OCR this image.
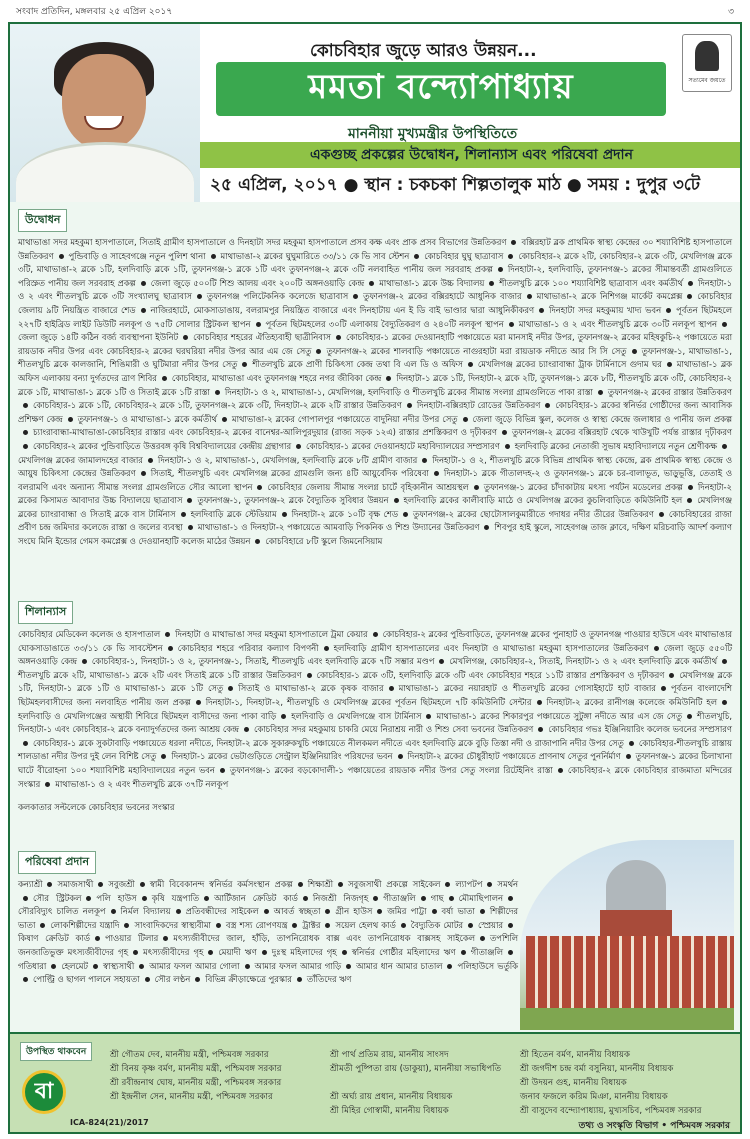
সংবাদ প্রতিদিন, মঙ্গলবার ২৫ এপ্রিল ২০১৭	৩
কোচবিহার জুড়ে আরও উন্নয়ন...
মমতা বন্দ্যোপাধ্যায়
মাননীয়া মুখ্যমন্ত্রীর উপস্থিতিতে
সত্যমেব জয়তে
একগুচ্ছ প্রকল্পের উদ্বোধন, শিলান্যাস এবং পরিষেবা প্রদান
২৫ এপ্রিল, ২০১৭ ● স্থান : চকচকা শিল্পতালুক মাঠ ● সময় : দুপুর ৩টে
উদ্বোধন
মাথাভাঙা সদর মহকুমা হাসপাতালে, সিতাই গ্রামীণ হাসপাতালে ও দিনহাটা সদর মহকুমা হাসপাতালে প্রসব কক্ষ এবং প্রাক প্রসব বিভাগের উন্নতিকরণ বক্সিরহাট ব্লক প্রাথমিক স্বাস্থ্য কেন্দ্রের ৩০ শয্যাবিশিষ্ট হাসপাতালে উন্নতিকরণ পুন্ডিবাড়ি ও সাহেবগঞ্জে নতুন পুলিশ থানা মাথাভাঙা-২ ব্লকের ঘুঘুমারিতে ৩৩/১১ কে ভি সাব স্টেশন কোচবিহার ঘুঘু ছাত্রাবাস কোচবিহার-২ ব্লকে ২টি, কোচবিহার-২ ব্লকে ৩টি, মেখলিগঞ্জ ব্লকে ৩টি, মাথাভাঙা-২ ব্লকে ১টি, হলদিবাড়ি ব্লকে ১টি, তুফানগঞ্জ-১ ব্লকে ১টি এবং তুফানগঞ্জ-২ ব্লকে ৩টি নলবাহিত পানীয় জল সরবরাহ প্রকল্প দিনহাটা-২, হলদিবাড়ি, তুফানগঞ্জ-১ ব্লকের সীমান্তবর্তী গ্রামগুলিতে পরিস্রুত পানীয় জল সরবরাহ প্রকল্প জেলা জুড়ে ৫০০টি শিশু আলয় এবং ২০০টি অঙ্গনওয়াড়ি কেন্দ্র মাথাভাঙা-১ ব্লকে উচ্চ বিদ্যালয় শীতলখুচি ব্লকে ১০০ শয্যাবিশিষ্ট ছাত্রাবাস এবং কর্মতীর্থ দিনহাটা-১ ও ২ এবং শীতলখুচি ব্লকে ৩টি সংখ্যালঘু ছাত্রাবাস তুফানগঞ্জ পলিটেকনিক কলেজে ছাত্রাবাস তুফানগঞ্জ-২ ব্লকের বক্সিরহাটে আধুনিক বাজার মাথাভাঙা-২ ব্লকে নিশিগঞ্জ মার্কেট কমপ্লেক্স কোচবিহার জেলায় ৯টি নিয়ন্ত্রিত বাজারে শেড নাজিরহাটে, মোকসাডাঙায়, বলরামপুর নিয়ন্ত্রিত বাজারে এবং দিনহাটায় এন ই ডি বাই ভাণ্ডার দ্বারা আধুনিকীকরণ দিনহাটা সদর মহকুমায় খাদ্য ভবন পূর্বতন ছিটমহলে ২২৭টি হাইব্রিড লাইট ডিউটি নলকূপ ও ৭৫টি সোলার স্ট্রিটকল স্থাপন পূর্বতন ছিটমহলের ৩০টি এলাকায় বৈদ্যুতিকরণ ও ২৪০টি নলকূপ স্থাপন মাথাভাঙা-১ ও ২ এবং শীতলখুচি ব্লকে ৩০টি নলকূপ স্থাপনজেলা জুড়ে ১৪টি কঠিন বর্জ্য ব্যবস্থাপনা ইউনিট কোচবিহার শহরের ঐতিহ্যবাহী ছাত্রীনিবাস কোচবিহার-১ ব্লকের দেওয়ানহাটি পঞ্চায়েতে মরা মানসাই নদীর উপর, তুফানগঞ্জ-২ ব্লকের মহিষকুচি-২ পঞ্চায়েতে মরা রায়ডাক নদীর উপর এবং কোচবিহার-২ ব্লকের ঘরঘরিয়া নদীর উপর আর এম জে সেতু তুফানগঞ্জ-২ ব্লকের শালবাড়ি পঞ্চায়েতে নাগুরহাটা মরা রায়ডাক নদীতে আর সি সি সেতু তুফানগঞ্জ-১, মাথাভাঙা-১, শীতলখুচি ব্লকে কালজানি, শিঙিমারী ও ঘুটিমারা নদীর উপর সেতু শীতলখুচি ব্লকে প্রাণী চিকিৎসা কেন্দ্র তথা বি এল ডি ও অফিস মেখলিগঞ্জ ব্লকের চ্যাংরাবান্ধা ট্রাক টার্মিনাসে গুদাম ঘর মাথাভাঙা-১ ব্লক অফিস এলাকায় বন্যা দুর্গতদের ত্রাণ শিবির কোচবিহার, মাথাভাঙা এবং তুফানগঞ্জ শহরে নগর জীবিকা কেন্দ্র দিনহাটা-১ ব্লকে ১টি, দিনহাটা-২ ব্লকে ২টি, তুফানগঞ্জ-১ ব্লকে ৮টি, শীতলখুচি ব্লকে ৩টি, কোচবিহার-২ ব্লকে ১টি, মাথাভাঙা-১ ব্লকে ১টি ও সিতাই ব্লকে ১টি রাস্তা দিনহাটা-১ ও ২, মাথাভাঙা-১, মেখলিগঞ্জ, হলদিবাড়ি ও শীতলখুচি ব্লকের সীমান্ত সংলগ্ন গ্রামগুলিতে পাকা রাস্তা তুফানগঞ্জ-২ ব্লকের রাস্তার উন্নতিকরণকোচবিহার-১ ব্লকে ১টি, কোচবিহার-২ ব্লকে ১টি, তুফানগঞ্জ-২ ব্লকে ৩টি, দিনহাটা-২ ব্লকে ২টি রাস্তার উন্নতিকরণ দিনহাটা-বক্সিরহাট রোডের উন্নতিকরণ কোচবিহার-১ ব্লকের স্বনির্ভর গোষ্ঠীদের জন্য আবাসিক প্রশিক্ষণ কেন্দ্র তুফানগঞ্জ-১ ও মাথাভাঙা-১ ব্লকে কর্মতীর্থ মাথাভাঙা-২ ব্লকের গোপালপুর পঞ্চায়েতে বাদুনিয়া নদীর উপর সেতু জেলা জুড়ে বিভিন্ন স্কুল, কলেজ ও স্বাস্থ্য কেন্দ্রে জলাধার ও পানীয় জল প্রকল্পচ্যাংরাবান্ধা-মাথাভাঙা-কোচবিহার রাস্তার এবং কোচবিহার-২ ব্লকের বানেশ্বর-আলিপুরদুয়ার (রাজ্য সড়ক ১২এ) রাস্তার প্রশস্তিকরণ ও দৃঢ়ীকরণ তুফানগঞ্জ-২ ব্লকের বক্সিরহাট থেকে খাউখুটি পর্যন্ত রাস্তার দৃঢ়ীকরণকোচবিহার-২ ব্লকের পুন্ডিবাড়িতে উত্তরবঙ্গ কৃষি বিশ্ববিদ্যালয়ের কেন্দ্রীয় গ্রন্থাগার কোচবিহার-১ ব্লকের দেওয়ানহাটে মহাবিদ্যালয়ের সম্প্রসারণ হলদিবাড়ি ব্লকের নেতাজী সুভাষ মহাবিদ্যালয়ে নতুন শ্রেণীকক্ষমেখলিগঞ্জ ব্লকের জামালদহের বাজার দিনহাটা-১ ও ২, মাথাভাঙা-১, মেখলিগঞ্জ, হলদিবাড়ি ব্লকে ৮টি গ্রামীণ বাজার দিনহাটা-১ ও ২, শীতলখুচি ব্লকে বিভিন্ন প্রাথমিক স্বাস্থ্য কেন্দ্রে, ব্লক প্রাথমিক স্বাস্থ্য কেন্দ্রে ও আয়ুষ চিকিৎসা কেন্দ্রের উন্নতিকরণ সিতাই, শীতলখুচি এবং মেখলিগঞ্জ ব্লকের গ্রামগুলি জন্য ৪টি আয়ুর্বেদিক পরিষেবা দিনহাটা-১ ব্লকে গীতালদহ-২ ও তুফানগঞ্জ-১ ব্লকে চর-বালাভূত, ভাড়ুভূত্তি, তেতাই ও বলরামণি এবং অন্যান্য সীমান্ত সংলগ্ন গ্রামগুলিতে সৌর আলো স্থাপন কোচবিহার জেলায় সীমান্ত সংলগ্ন চার্টে বৃহিকানীন আশ্রয়স্থল তুফানগঞ্জ-১ ব্লকের চাঁদাকাটায় মৎস্য পর্যটন মডেলের প্রকল্প দিনহাটা-২ ব্লকের কিসামত আবাদার উচ্চ বিদ্যালয়ে ছাত্রাবাস তুফানগঞ্জ-১, তুফানগঞ্জ-২ ব্লকে বৈদ্যুতিক সুবিধার উন্নয়ন হলদিবাড়ি ব্লকের কালীবাড়ি মাঠে ও মেখলিগঞ্জ ব্লকের কুচলিবাড়িতে কমিউনিটি হল মেখলিগঞ্জ ব্লকের চ্যাংরাবান্ধা ও সিতাই ব্লকে বাস টার্মিনাস হলদিবাড়ি ব্লকে স্টেডিয়াম দিনহাটা-২ ব্লকে ১০টি বৃক্ষ শেড তুফানগঞ্জ-২ ব্লকের ছোটোসালকুমারীতে গদাধর নদীর তীরের উন্নতিকরণ কোচবিহারের রাজা প্রবীণ চন্দ্র জমিদার কলেজে রাস্তা ও জলের ব্যবস্থা মাথাভাঙা-১ ও দিনহাটা-২ পঞ্চায়েতে আমবাড়ি পিকনিক ও শিশু উদ্যানের উন্নতিকরণ শিবপুর হাই স্কুলে, সাহেবগঞ্জ তাজ ক্লাবে, দক্ষিণ মরিচবাড়ি আদর্শ কল্যাণ সংঘে মিনি ইন্ডোর গেমস কমপ্লেক্স ও দেওয়ানহাটি কলেজ মাঠের উন্নয়ন কোচবিহারে ৮টি স্কুলে জিমনেসিয়াম
শিলান্যাস
কোচবিহার মেডিকেল কলেজ ও হাসপাতাল দিনহাটা ও মাথাভাঙা সদর মহকুমা হাসপাতালে ট্রমা কেয়ার কোচবিহার-২ ব্লকের পুন্ডিবাড়িতে, তুফানগঞ্জ ব্লকের পুনাহাট ও তুফানগঞ্জ পাওয়ার হাউসে এবং মাথাভাঙার ঘোকসাডাঙাতে ৩৩/১১ কে ভি সাবস্টেশন কোচবিহার শহরে পরিবার কল্যাণ বিপণনী হলদিবাড়ি গ্রামীণ হাসপাতালের এবং দিনহাটা ও মাথাভাঙা মহকুমা হাসপাতালের উন্নতিকরণ জেলা জুড়ে ৫৫০টি অঙ্গনওয়াড়ি কেন্দ্র কোচবিহার-১, দিনহাটা-১ ও ২, তুফানগঞ্জ-১, সিতাই, শীতলখুচি এবং হলদিবাড়ি ব্লকে ৭টি সম্ভার মণ্ডপ মেখলিগঞ্জ, কোচবিহার-২, সিতাই, দিনহাটা-১ ও ২ এবং হলদিবাড়ি ব্লকে কর্মতীর্থশীতলখুচি ব্লকে ২টি, মাথাভাঙা-১ ব্লকে ২টি এবং সিতাই ব্লকে ১টি রাস্তার উন্নতিকরণ কোচবিহার-১ ব্লকে ৩টি, হলদিবাড়ি ব্লকে ৩টি এবং কোচবিহার শহরে ১১টি রাস্তার প্রশস্তিকরণ ও দৃঢ়ীকরণ মেখলিগঞ্জ ব্লকে ১টি, দিনহাটা-১ ব্লকে ১টি ও মাথাভাঙা-১ ব্লকে ১টি সেতু সিতাই ও মাথাভাঙা-২ ব্লকে কৃষক বাজার মাথাভাঙা-১ ব্লকের নয়ারহাট ও শীতলখুচি ব্লকের গোসাইহাটে হাট বাজার পূর্বতন বাংলাদেশি ছিটমহলবাসীদের জন্য নলবাহিত পানীয় জল প্রকল্প দিনহাটা-১, দিনহাটা-২, শীতলখুচি ও মেখলিগঞ্জ ব্লকের পূর্বতন ছিটমহলে ৭টি কমিউনিটি সেন্টার দিনহাটা-২ ব্লকের রানীগঞ্জ কলেজে কমিউনিটি হলহলদিবাড়ি ও মেখলিগঞ্জের অস্থায়ী শিবিরে ছিটমহল বাসীদের জন্য পাকা বাড়ি হলদিবাড়ি ও মেখলিগঞ্জে বাস টার্মিনাস মাথাভাঙা-১ ব্লকের শিকারপুর পঞ্চায়েতে সুটুঙ্গা নদীতে আর এস জে সেতু শীতলখুচি, দিনহাটা-১ এবং কোচবিহার-২ ব্লকে বন্যাদুর্গতদের জন্য আশ্রয় কেন্দ্র কোচবিহার সদর মহকুমায় চাকরি মেয়ে নিরাশ্রয় নারী ও শিশু সেবা ভবনের উন্নতিকরণ কোচবিহার গভঃ ইঞ্জিনিয়ারিং কলেজ ভবনের সম্প্রসারণকোচবিহার-১ ব্লকে সুকটাবাড়ি পঞ্চায়েতে ধরলা নদীতে, দিনহাটা-২ ব্লকে সুকারুকখুচি পঞ্চায়েতে নীলকমল নদীতে এবং হলদিবাড়ি ব্লকে বুড়ি তিস্তা নদী ও রাজাপানি নদীর উপর সেতু কোচবিহার-শীতলখুচি রাস্তায় শালডাঙা নদীর উপর দুই লেন বিশিষ্ট সেতু দিনহাটা-১ ব্লকের ভেটাগুড়িতে সেন্ট্রাল ইঞ্জিনিয়ারিং পরিষদের ভবন দিনহাটা-২ ব্লকের চৌধুরীহাট পঞ্চায়েতে প্রাণনাথ সেতুর পুনর্নির্মাণ তুফানগঞ্জ-১ ব্লকের চিলাখানা ঘাটে বীরোহনা ১০০ শয্যাবিশিষ্ট মহাবিদ্যালয়ের নতুন ভবন তুফানগঞ্জ-১ ব্লকের বড়কোদালী-১ পঞ্চায়েতের রায়ডাক নদীর উপর সেতু সংলগ্ন রিটেইনিং রাস্তা কোচবিহার-২ ব্লকে কোচবিহার রাজমাতা মন্দিরের সংস্কার মাথাভাঙা-১ ও ২ এবং শীতলখুচি ব্লকে ৩৭টি নলকূপ
কলকাতার সল্টলেকে কোচবিহার ভবনের সংস্কার
পরিষেবা প্রদান
কন্যাশ্রী সমাজসাথী সবুজশ্রী স্বামী বিবেকানন্দ স্বনির্ভর কর্মসংস্থান প্রকল্প শিক্ষাশ্রী সবুজসাথী প্রকল্পে সাইকেল ল্যাপটপ সমর্থনসৌর স্ট্রিটকল পলি হাউস কৃষি যন্ত্রপাতি আর্টিজান ক্রেডিট কার্ড নিজশ্রী নিজগৃহ গীতাঞ্জলি গাছ মৌমাছিপালনসৌরবিদ্যুৎ চালিত নলকূপ নির্মল বিদ্যালয় প্রতিবন্ধীদের সাইকেল আবর্ত স্বচ্ছতা গ্রীন হাউস জমির পাট্টা বর্ষা ভাতা শিল্পীদের ভাতা লোকশিল্পীদের যন্ত্রাদি সাংবাদিকদের স্বাস্থ্যবীমা বস্ত্র শস্য রোপণযন্ত্র ট্রাক্টর সয়েল হেলথ কার্ড বৈদ্যুতিক মোটর স্প্রেয়ারকিষাণ ক্রেডিট কার্ড পাওয়ার টিলার মৎস্যজীবীদের জাল, হাঁড়ি, তাপনিরোধক বাক্স এবং তাপনিরোধক বাক্সসহ সাইকেল তপশিলি জনজাতিভুক্ত মৎস্যজীবীদের গৃহ মৎস্যজীবীদের গৃহ মেয়াদী ঋণ দুঃস্থ মহিলাদের গৃহ স্বনির্ভর গোষ্ঠীর মহিলাদের ঋণ গীতাঞ্জলিগতিধারা হেলমেট স্বাস্থ্যসাথী আমার ফসল আমার গোলা আমার ফসল আমার গাড়ি আমার ধান আমার চাতাল পলিহাউসে ভর্তুকিপোল্ট্রি ও ছাগল পালনে সহায়তা সৌর লণ্ঠন বিভিন্ন ক্রীড়াক্ষেত্রে পুরস্কার তাঁতিদের ঋণ
উপস্থিত থাকবেন	শ্রী গৌতম দেব, মাননীয় মন্ত্রী, পশ্চিমবঙ্গ সরকার
শ্রী বিনয় কৃষ্ণ বর্মণ, মাননীয় মন্ত্রী, পশ্চিমবঙ্গ সরকার
শ্রী রবীন্দ্রনাথ ঘোষ, মাননীয় মন্ত্রী, পশ্চিমবঙ্গ সরকার
শ্রী ইন্দ্রনীল সেন, মাননীয় মন্ত্রী, পশ্চিমবঙ্গ সরকার
শ্রী পার্থ প্রতিম রায়, মাননীয় সাংসদ
শ্রীমতী পুষ্পিতা রায় (ডাকুয়া), মাননীয়া সভাধিপতি
শ্রী অর্ঘ্য রায় প্রধান, মাননীয় বিধায়ক
শ্রী মিহির গোস্বামী, মাননীয় বিধায়ক
শ্রী হিতেন বর্মণ, মাননীয় বিধায়ক
শ্রী জগদীশ চন্দ্র বর্মা বসুনিয়া, মাননীয় বিধায়ক
শ্রী উদয়ন গুহ, মাননীয় বিধায়ক
জনাব ফজলে করিম মিঞা, মাননীয় বিধায়ক
শ্রী বাসুদেব বন্দ্যোপাধ্যায়, মুখ্যসচিব, পশ্চিমবঙ্গ সরকার
বা
ICA-824(21)/2017	তথ্য ও সংস্কৃতি বিভাগ • পশ্চিমবঙ্গ সরকার
